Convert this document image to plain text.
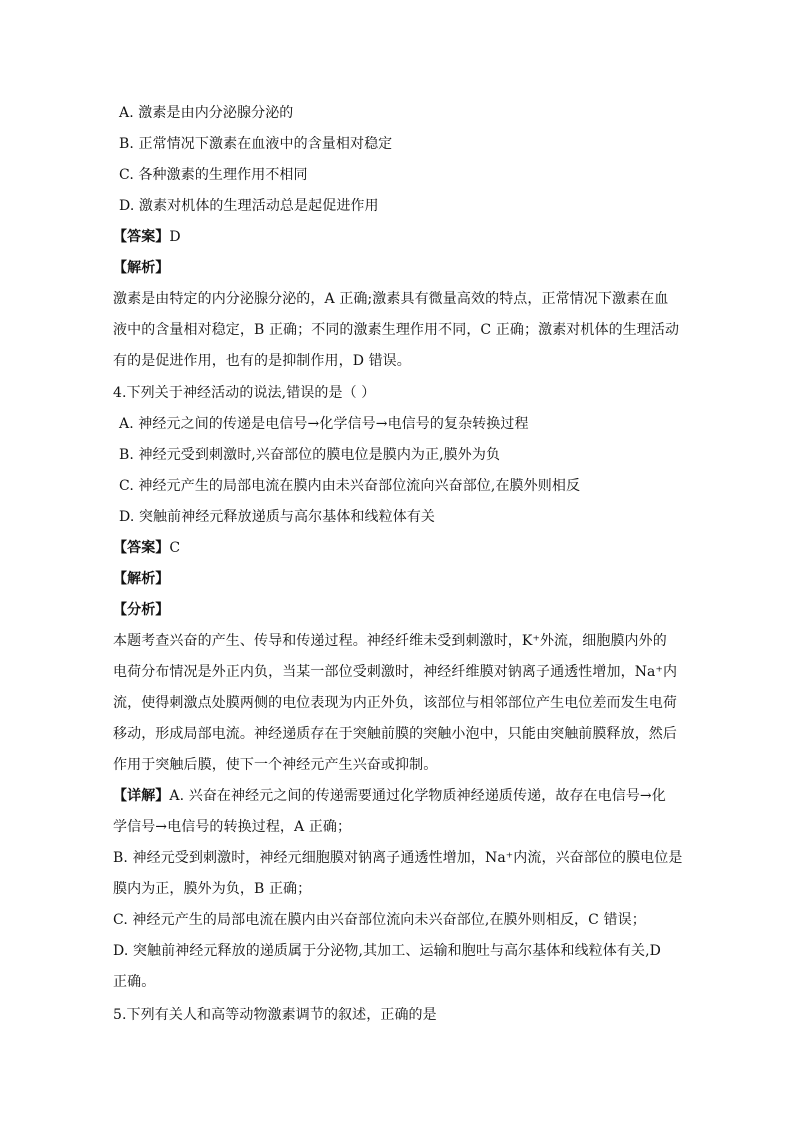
A. 激素是由内分泌腺分泌的
B. 正常情况下激素在血液中的含量相对稳定
C. 各种激素的生理作用不相同
D. 激素对机体的生理活动总是起促进作用
【答案】D
【解析】
激素是由特定的内分泌腺分泌的，A 正确;激素具有微量高效的特点，正常情况下激素在血
液中的含量相对稳定，B 正确；不同的激素生理作用不同，C 正确；激素对机体的生理活动
有的是促进作用，也有的是抑制作用，D 错误。
4.下列关于神经活动的说法,错误的是（ ）
A. 神经元之间的传递是电信号→化学信号→电信号的复杂转换过程
B. 神经元受到刺激时,兴奋部位的膜电位是膜内为正,膜外为负
C. 神经元产生的局部电流在膜内由未兴奋部位流向兴奋部位,在膜外则相反
D. 突触前神经元释放递质与高尔基体和线粒体有关
【答案】C
【解析】
【分析】
本题考查兴奋的产生、传导和传递过程。神经纤维未受到刺激时，K⁺外流，细胞膜内外的
电荷分布情况是外正内负，当某一部位受刺激时，神经纤维膜对钠离子通透性增加，Na⁺内
流，使得刺激点处膜两侧的电位表现为内正外负，该部位与相邻部位产生电位差而发生电荷
移动，形成局部电流。神经递质存在于突触前膜的突触小泡中，只能由突触前膜释放，然后
作用于突触后膜，使下一个神经元产生兴奋或抑制。
【详解】A. 兴奋在神经元之间的传递需要通过化学物质神经递质传递，故存在电信号→化
学信号→电信号的转换过程，A 正确；
B. 神经元受到刺激时，神经元细胞膜对钠离子通透性增加，Na⁺内流，兴奋部位的膜电位是
膜内为正，膜外为负，B 正确；
C. 神经元产生的局部电流在膜内由兴奋部位流向未兴奋部位,在膜外则相反，C 错误；
D. 突触前神经元释放的递质属于分泌物,其加工、运输和胞吐与高尔基体和线粒体有关,D
正确。
5.下列有关人和高等动物激素调节的叙述，正确的是
